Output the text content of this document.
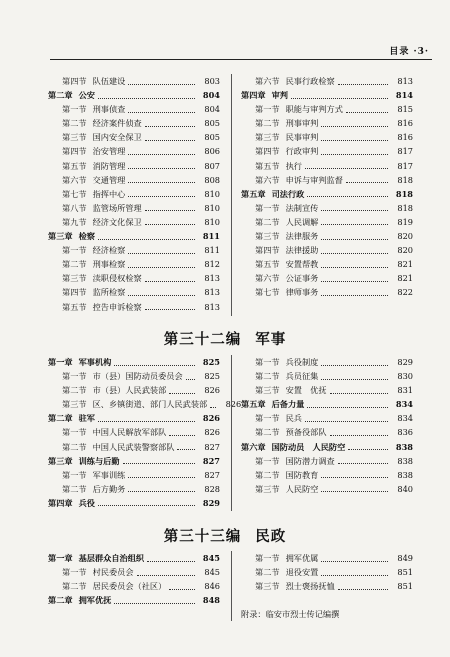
目录 ·3·
第四节 队伍建设	803
第二章 公安	804
第一节 刑事侦查	804
第二节 经济案件侦查	805
第三节 国内安全保卫	805
第四节 治安管理	806
第五节 消防管理	807
第六节 交通管理	808
第七节 指挥中心	810
第八节 监管场所管理	810
第九节 经济文化保卫	810
第三章 检察	811
第一节 经济检察	811
第二节 刑事检察	812
第三节 渎职侵权检察	813
第四节 监所检察	813
第五节 控告申诉检察	813
第六节 民事行政检察	813
第四章 审判	814
第一节 职能与审判方式	815
第二节 刑事审判	816
第三节 民事审判	816
第四节 行政审判	817
第五节 执行	817
第六节 申诉与审判监督	818
第五章 司法行政	818
第一节 法制宣传	818
第二节 人民调解	819
第三节 法律服务	820
第四节 法律援助	820
第五节 安置帮教	821
第六节 公证事务	821
第七节 律师事务	822
第三十二编 军事
第一章 军事机构	825
第一节 市（县）国防动员委员会	825
第二节 市（县）人民武装部	826
第三节 区、乡镇街道、部门人民武装部	826
第二章 驻军	826
第一节 中国人民解放军部队	826
第二节 中国人民武装警察部队	827
第三章 训练与后勤	827
第一节 军事训练	827
第二节 后方勤务	828
第四章 兵役	829
第一节 兵役制度	829
第二节 兵员征集	830
第三节 安置　优抚	831
第五章 后备力量	834
第一节 民兵	834
第二节 预备役部队	836
第六章 国防动员　人民防空	838
第一节 国防潜力调查	838
第二节 国防教育	838
第三节 人民防空	840
第三十三编 民政
第一章 基层群众自治组织	845
第一节 村民委员会	845
第二节 居民委员会（社区）	846
第二章 拥军优抚	848
第一节 拥军优属	849
第二节 退役安置	851
第三节 烈士褒扬抚恤	851
附录：临安市烈士传记编撰
